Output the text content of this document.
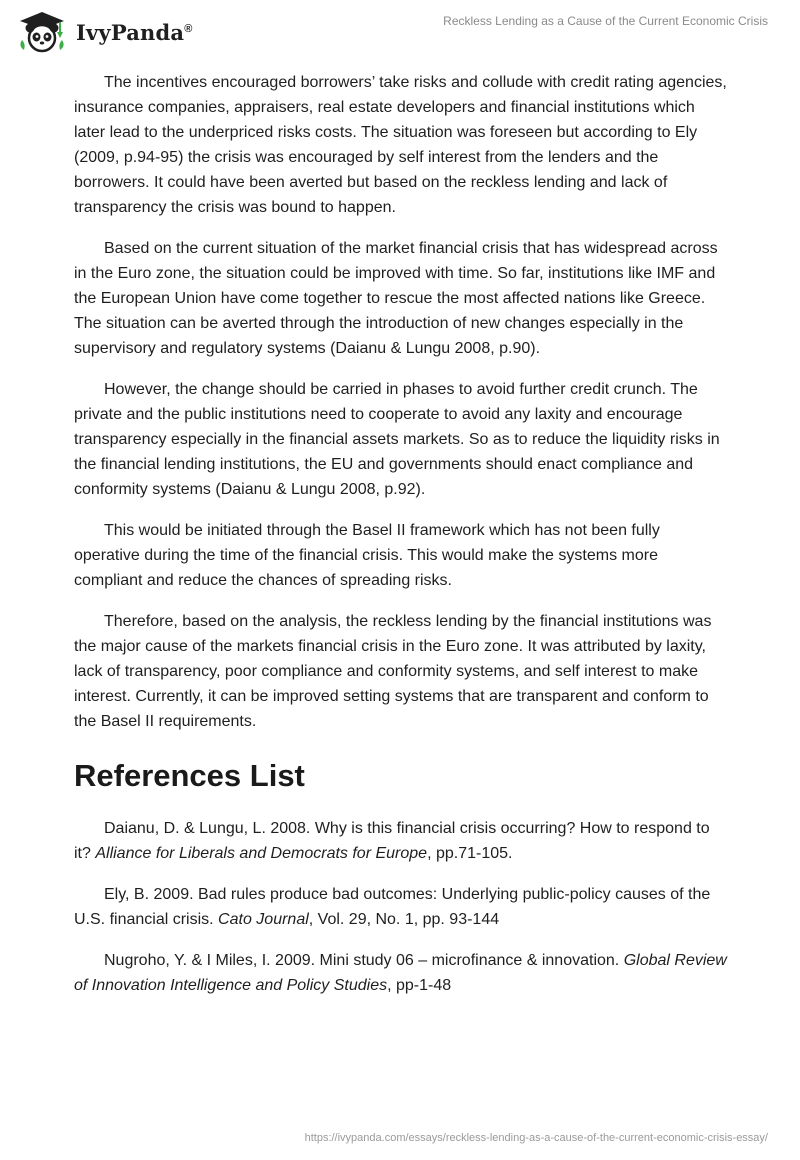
IvyPanda®
Reckless Lending as a Cause of the Current Economic Crisis

The incentives encouraged borrowers’ take risks and collude with credit rating agencies, insurance companies, appraisers, real estate developers and financial institutions which later lead to the underpriced risks costs. The situation was foreseen but according to Ely (2009, p.94-95) the crisis was encouraged by self interest from the lenders and the borrowers. It could have been averted but based on the reckless lending and lack of transparency the crisis was bound to happen.

Based on the current situation of the market financial crisis that has widespread across in the Euro zone, the situation could be improved with time. So far, institutions like IMF and the European Union have come together to rescue the most affected nations like Greece. The situation can be averted through the introduction of new changes especially in the supervisory and regulatory systems (Daianu & Lungu 2008, p.90).

However, the change should be carried in phases to avoid further credit crunch. The private and the public institutions need to cooperate to avoid any laxity and encourage transparency especially in the financial assets markets. So as to reduce the liquidity risks in the financial lending institutions, the EU and governments should enact compliance and conformity systems (Daianu & Lungu 2008, p.92).

This would be initiated through the Basel II framework which has not been fully operative during the time of the financial crisis. This would make the systems more compliant and reduce the chances of spreading risks.

Therefore, based on the analysis, the reckless lending by the financial institutions was the major cause of the markets financial crisis in the Euro zone. It was attributed by laxity, lack of transparency, poor compliance and conformity systems, and self interest to make interest. Currently, it can be improved setting systems that are transparent and conform to the Basel II requirements.

References List

Daianu, D. & Lungu, L. 2008. Why is this financial crisis occurring? How to respond to it? Alliance for Liberals and Democrats for Europe, pp.71-105.

Ely, B. 2009. Bad rules produce bad outcomes: Underlying public-policy causes of the U.S. financial crisis. Cato Journal, Vol. 29, No. 1, pp. 93-144

Nugroho, Y. & I Miles, I. 2009. Mini study 06 – microfinance & innovation. Global Review of Innovation Intelligence and Policy Studies, pp-1-48

https://ivypanda.com/essays/reckless-lending-as-a-cause-of-the-current-economic-crisis-essay/
